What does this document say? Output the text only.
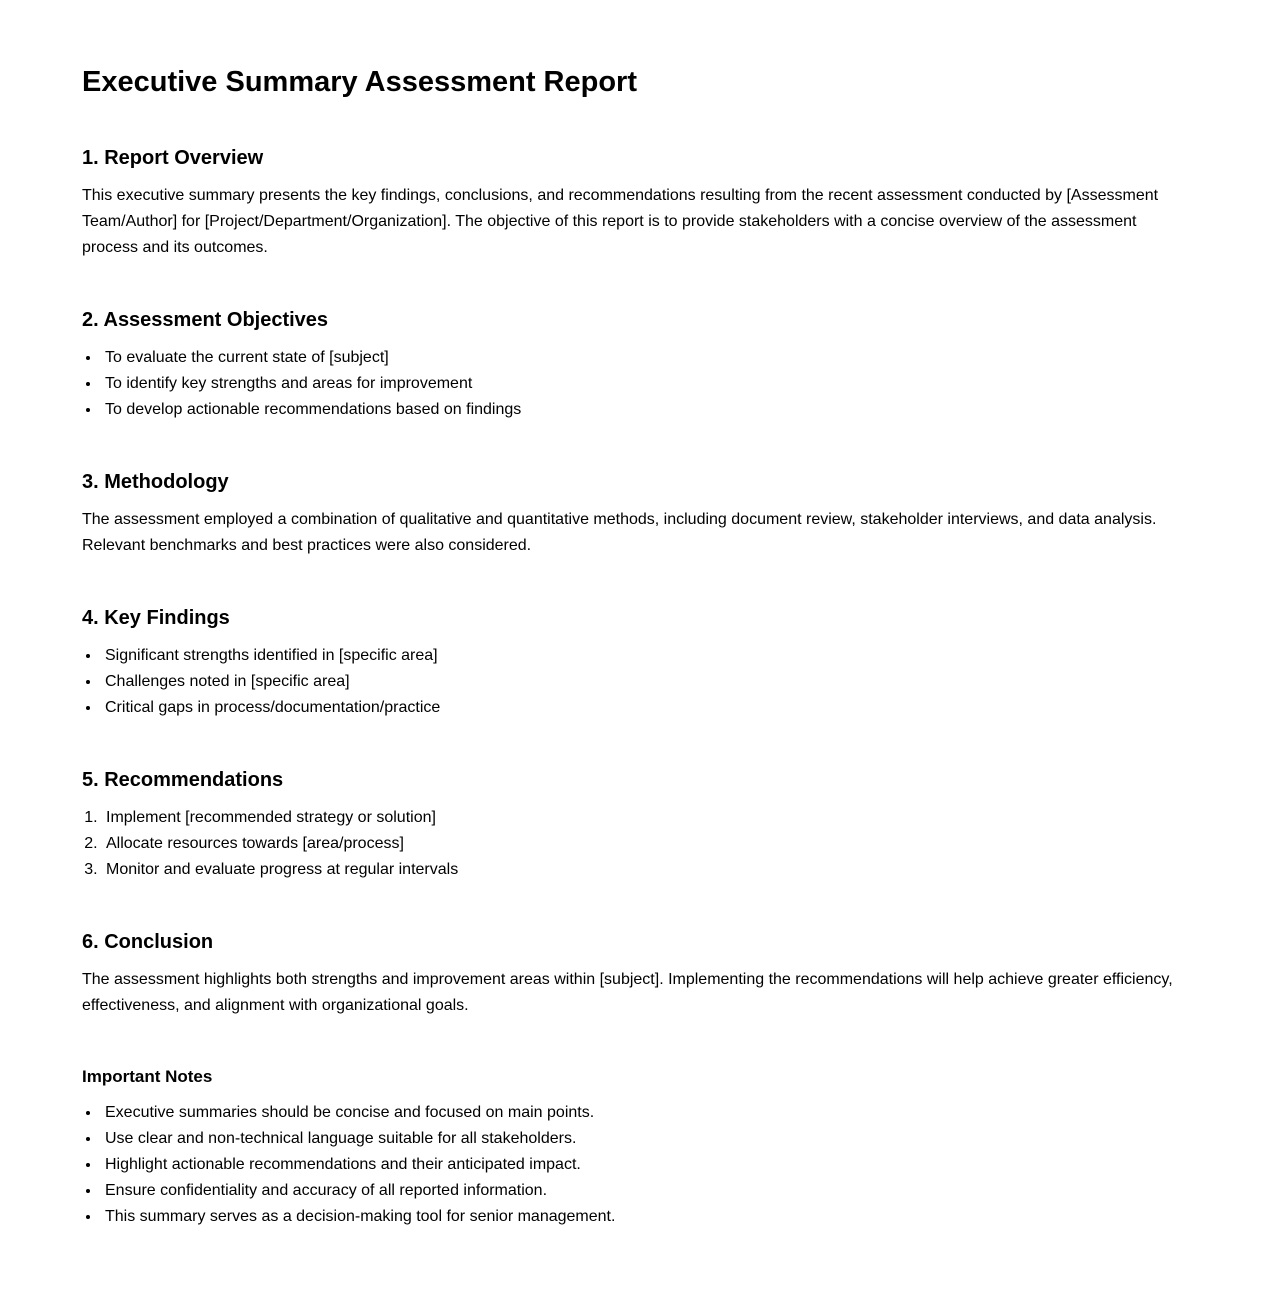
Executive Summary Assessment Report
1. Report Overview

This executive summary presents the key findings, conclusions, and recommendations resulting from the recent assessment conducted by [Assessment Team/Author] for [Project/Department/Organization]. The objective of this report is to provide stakeholders with a concise overview of the assessment process and its outcomes.

2. Assessment Objectives
• To evaluate the current state of [subject]
• To identify key strengths and areas for improvement
• To develop actionable recommendations based on findings
3. Methodology

The assessment employed a combination of qualitative and quantitative methods, including document review, stakeholder interviews, and data analysis. Relevant benchmarks and best practices were also considered.

4. Key Findings
• Significant strengths identified in [specific area]
• Challenges noted in [specific area]
• Critical gaps in process/documentation/practice
5. Recommendations
1. Implement [recommended strategy or solution]
2. Allocate resources towards [area/process]
3. Monitor and evaluate progress at regular intervals
6. Conclusion

The assessment highlights both strengths and improvement areas within [subject]. Implementing the recommendations will help achieve greater efficiency, effectiveness, and alignment with organizational goals.

Important Notes
• Executive summaries should be concise and focused on main points.
• Use clear and non-technical language suitable for all stakeholders.
• Highlight actionable recommendations and their anticipated impact.
• Ensure confidentiality and accuracy of all reported information.
• This summary serves as a decision-making tool for senior management.
